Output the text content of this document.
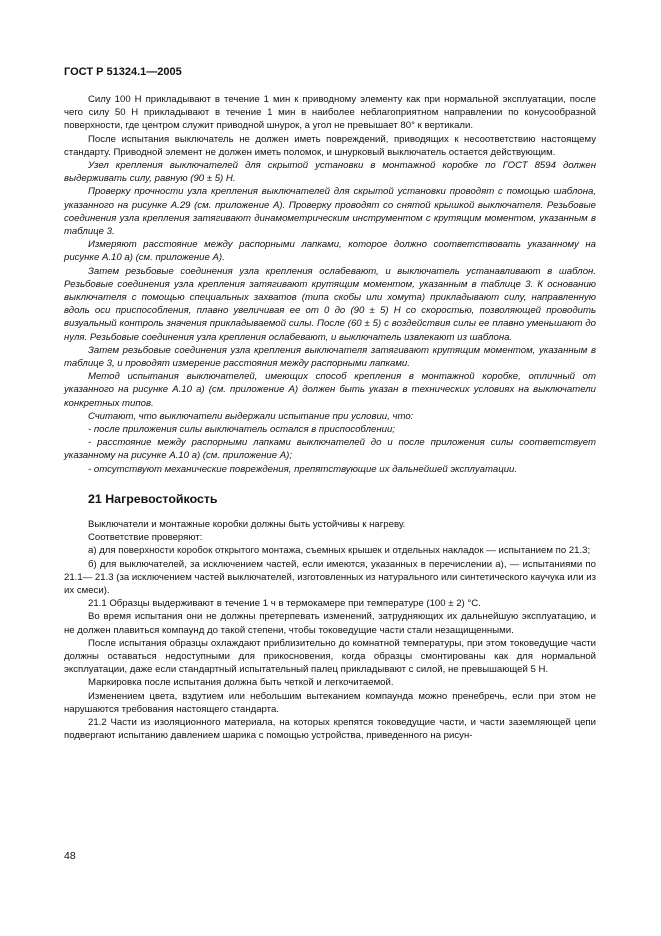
ГОСТ Р 51324.1—2005

Силу 100 Н прикладывают в течение 1 мин к приводному элементу как при нормальной эксплуатации, после чего силу 50 Н прикладывают в течение 1 мин в наиболее неблагоприятном направлении по конусообразной поверхности, где центром служит приводной шнурок, а угол не превышает 80° к вертикали.

После испытания выключатель не должен иметь повреждений, приводящих к несоответствию настоящему стандарту. Приводной элемент не должен иметь поломок, и шнурковый выключатель остается действующим.

Узел крепления выключателей для скрытой установки в монтажной коробке по ГОСТ 8594 должен выдерживать силу, равную (90 ± 5) Н.

Проверку прочности узла крепления выключателей для скрытой установки проводят с помощью шаблона, указанного на рисунке А.29 (см. приложение А). Проверку проводят со снятой крышкой выключателя. Резьбовые соединения узла крепления затягивают динамометрическим инструментом с крутящим моментом, указанным в таблице 3.

Измеряют расстояние между распорными лапками, которое должно соответствовать указанному на рисунке А.10 а) (см. приложение А).

Затем резьбовые соединения узла крепления ослабевают, и выключатель устанавливают в шаблон. Резьбовые соединения узла крепления затягивают крутящим моментом, указанным в таблице 3. К основанию выключателя с помощью специальных захватов (типа скобы или хомута) прикладывают силу, направленную вдоль оси приспособления, плавно увеличивая ее от 0 до (90 ± 5) Н со скоростью, позволяющей проводить визуальный контроль значения прикладываемой силы. После (60 ± 5) с воздействия силы ее плавно уменьшают до нуля. Резьбовые соединения узла крепления ослабевают, и выключатель извлекают из шаблона.

Затем резьбовые соединения узла крепления выключателя затягивают крутящим моментом, указанным в таблице 3, и проводят измерение расстояния между распорными лапками.

Метод испытания выключателей, имеющих способ крепления в монтажной коробке, отличный от указанного на рисунке А.10 а) (см. приложение А) должен быть указан в технических условиях на выключатели конкретных типов.

Считают, что выключатели выдержали испытание при условии, что:

- после приложения силы выключатель остался в приспособлении;

- расстояние между распорными лапками выключателей до и после приложения силы соответствует указанному на рисунке А.10 а) (см. приложение А);

- отсутствуют механические повреждения, препятствующие их дальнейшей эксплуатации.

21 Нагревостойкость

Выключатели и монтажные коробки должны быть устойчивы к нагреву.

Соответствие проверяют:

а) для поверхности коробок открытого монтажа, съемных крышек и отдельных накладок — испытанием по 21.3;

б) для выключателей, за исключением частей, если имеются, указанных в перечислении а), — испытаниями по 21.1— 21.3 (за исключением частей выключателей, изготовленных из натурального или синтетического каучука или из их смеси).

21.1 Образцы выдерживают в течение 1 ч в термокамере при температуре (100 ± 2) °С.

Во время испытания они не должны претерпевать изменений, затрудняющих их дальнейшую эксплуатацию, и не должен плавиться компаунд до такой степени, чтобы токоведущие части стали незащищенными.

После испытания образцы охлаждают приблизительно до комнатной температуры, при этом токоведущие части должны оставаться недоступными для прикосновения, когда образцы смонтированы как для нормальной эксплуатации, даже если стандартный испытательный палец прикладывают с силой, не превышающей 5 Н.

Маркировка после испытания должна быть четкой и легкочитаемой.

Изменением цвета, вздутием или небольшим вытеканием компаунда можно пренебречь, если при этом не нарушаются требования настоящего стандарта.

21.2 Части из изоляционного материала, на которых крепятся токоведущие части, и части заземляющей цепи подвергают испытанию давлением шарика с помощью устройства, приведенного на рисун-

48
